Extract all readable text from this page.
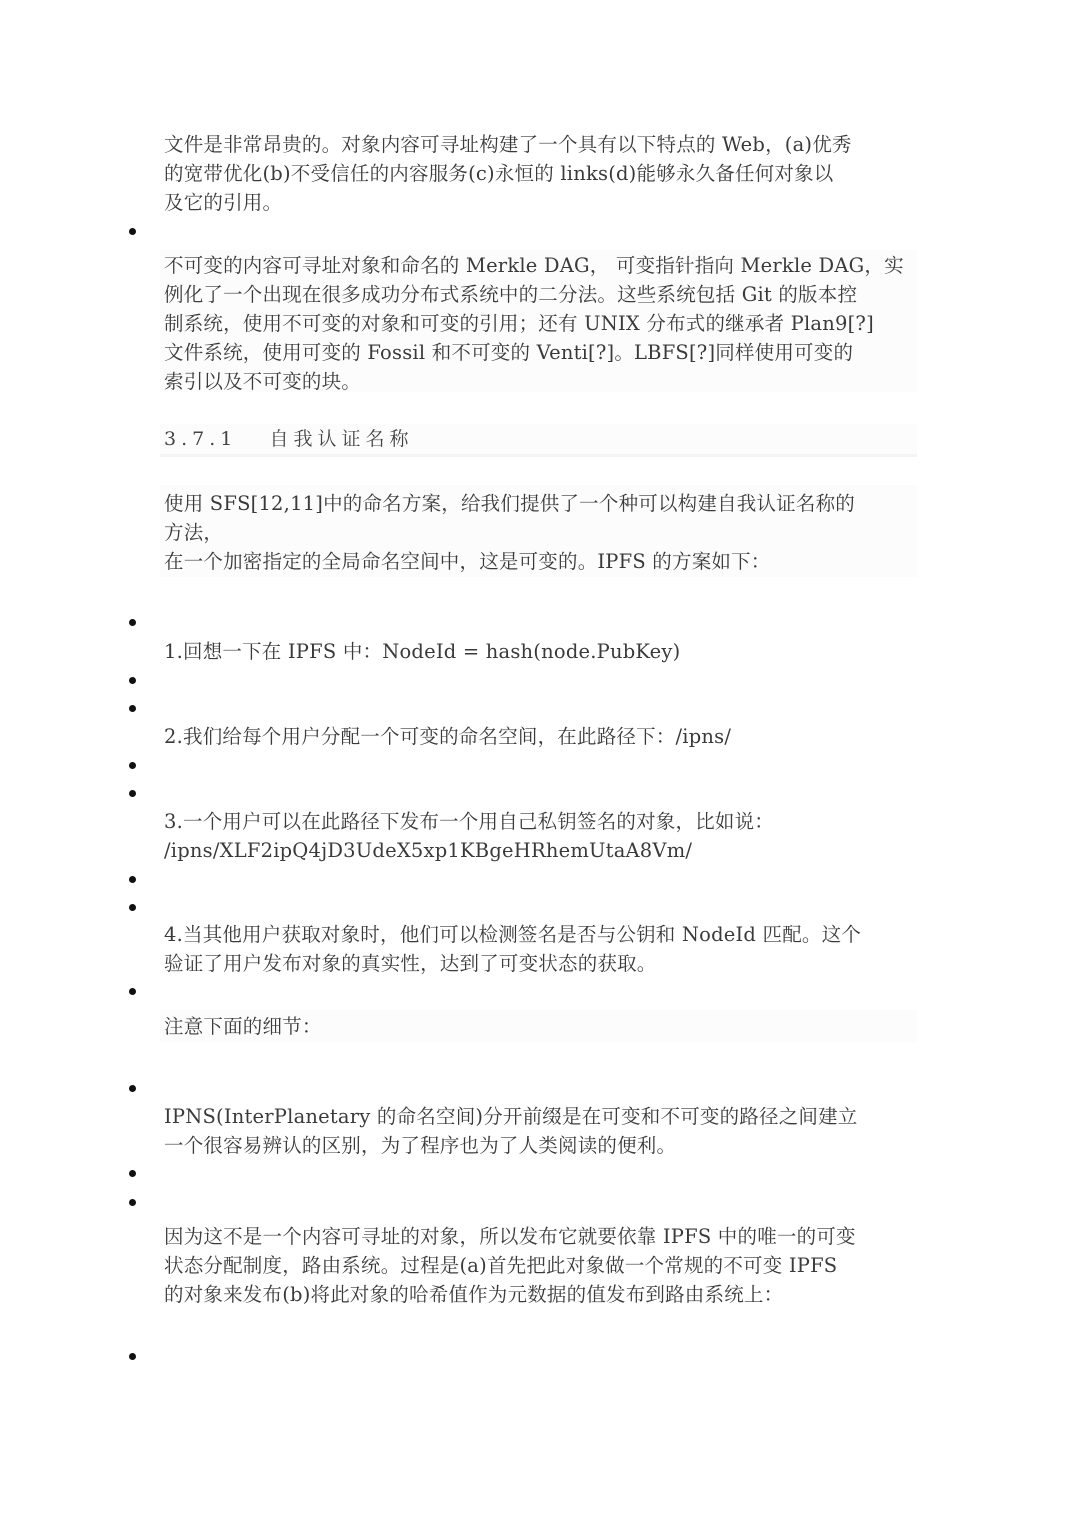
文件是非常昂贵的。对象内容可寻址构建了一个具有以下特点的 Web，(a)优秀
的宽带优化(b)不受信任的内容服务(c)永恒的 links(d)能够永久备任何对象以
及它的引用。
不可变的内容可寻址对象和命名的 Merkle DAG， 可变指针指向 Merkle DAG，实
例化了一个出现在很多成功分布式系统中的二分法。这些系统包括 Git 的版本控
制系统，使用不可变的对象和可变的引用；还有 UNIX 分布式的继承者 Plan9[?]
文件系统，使用可变的 Fossil 和不可变的 Venti[?]。LBFS[?]同样使用可变的
索引以及不可变的块。
3.7.1 自我认证名称
使用 SFS[12,11]中的命名方案，给我们提供了一个种可以构建自我认证名称的
方法，
在一个加密指定的全局命名空间中，这是可变的。IPFS 的方案如下：
1.回想一下在 IPFS 中：NodeId = hash(node.PubKey)
2.我们给每个用户分配一个可变的命名空间，在此路径下：/ipns/
3.一个用户可以在此路径下发布一个用自己私钥签名的对象，比如说：
/ipns/XLF2ipQ4jD3UdeX5xp1KBgeHRhemUtaA8Vm/
4.当其他用户获取对象时，他们可以检测签名是否与公钥和 NodeId 匹配。这个
验证了用户发布对象的真实性，达到了可变状态的获取。
注意下面的细节：
IPNS(InterPlanetary 的命名空间)分开前缀是在可变和不可变的路径之间建立
一个很容易辨认的区别，为了程序也为了人类阅读的便利。
因为这不是一个内容可寻址的对象，所以发布它就要依靠 IPFS 中的唯一的可变
状态分配制度，路由系统。过程是(a)首先把此对象做一个常规的不可变 IPFS
的对象来发布(b)将此对象的哈希值作为元数据的值发布到路由系统上：
